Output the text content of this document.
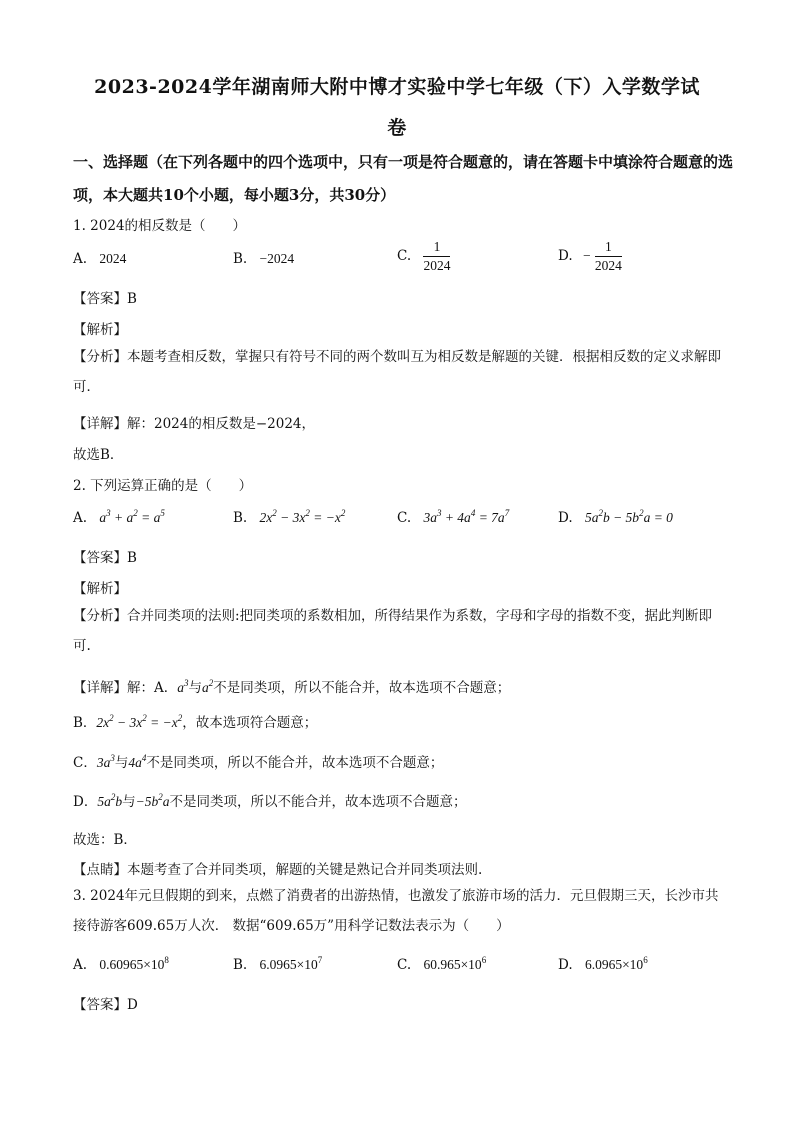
2023-2024学年湖南师大附中博才实验中学七年级（下）入学数学试
卷
一、选择题（在下列各题中的四个选项中，只有一项是符合题意的，请在答题卡中填涂符合题意的选项，本大题共10个小题，每小题3分，共30分）
1. 2024的相反数是（　　）
A. 2024	B. −2024	C. $\frac{1}{2024}$	D. − $\frac{1}{2024}$
【答案】B
【解析】
【分析】本题考查相反数，掌握只有符号不同的两个数叫互为相反数是解题的关键．根据相反数的定义求解即可．
【详解】解：2024的相反数是−2024，
故选B．
2. 下列运算正确的是（　　）
A. $a^3 + a^2 = a^5$	B. $2x^2 - 3x^2 = -x^2$	C. $3a^3 + 4a^4 = 7a^7$	D. $5a^2b - 5b^2a = 0$
【答案】B
【解析】
【分析】合并同类项的法则:把同类项的系数相加，所得结果作为系数，字母和字母的指数不变，据此判断即可.
【详解】解：A．$a^3$与$a^2$不是同类项，所以不能合并，故本选项不合题意；
B．$2x^2 - 3x^2 = -x^2$，故本选项符合题意；
C．$3a^3$与$4a^4$不是同类项，所以不能合并，故本选项不合题意；
D．$5a^2b$与$-5b^2a$不是同类项，所以不能合并，故本选项不合题意；
故选：B．
【点睛】本题考查了合并同类项，解题的关键是熟记合并同类项法则.
3. 2024年元旦假期的到来，点燃了消费者的出游热情，也激发了旅游市场的活力．元旦假期三天，长沙市共接待游客609.65万人次． 数据“609.65万”用科学记数法表示为（　　）
A. $0.60965\times 10^8$	B. $6.0965\times 10^7$	C. $60.965\times 10^6$	D. $6.0965\times 10^6$
【答案】D
